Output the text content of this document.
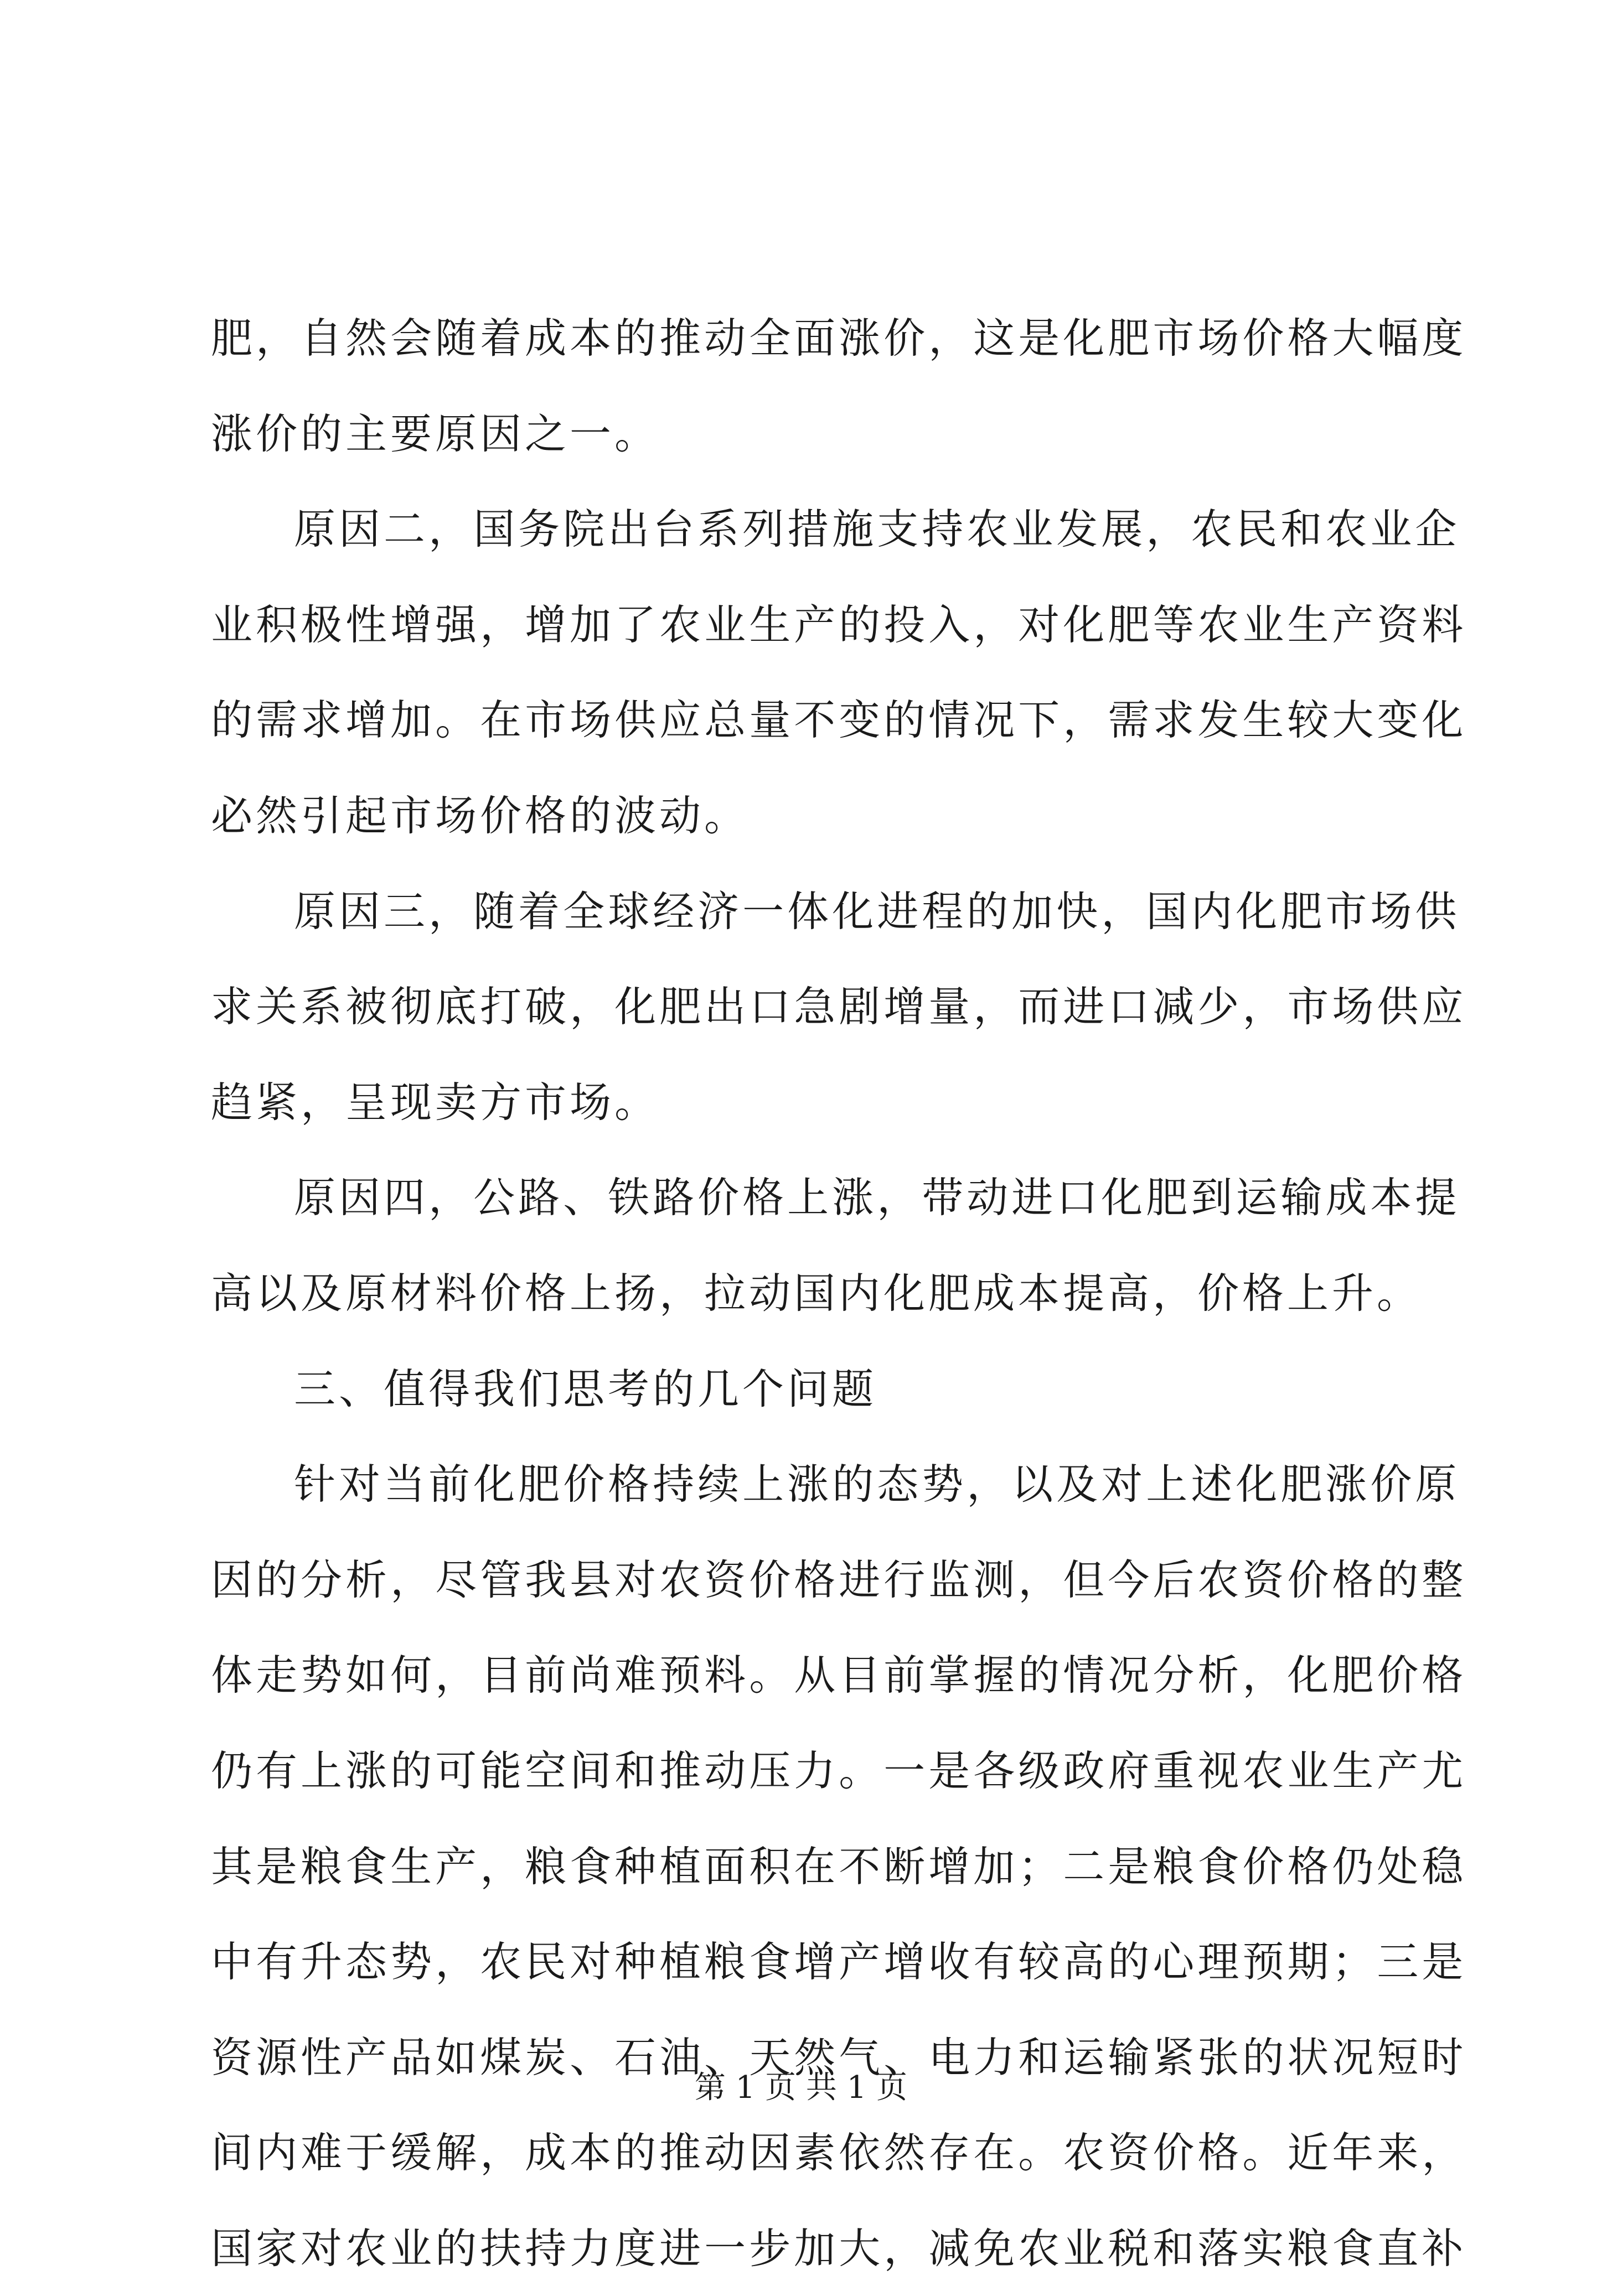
肥 ， 自 然 会 随 着 成 本 的 推 动 全 面 涨 价 ， 这 是 化 肥 市 场 价 格 大 幅 度
涨价的主要原因之一。
原 因 二 ， 国 务 院 出 台 系 列 措 施 支 持 农 业 发 展 ， 农 民 和 农 业 企
业 积 极 性 增 强 ， 增 加 了 农 业 生 产 的 投 入 ， 对 化 肥 等 农 业 生 产 资 料
的 需 求 增 加 。 在 市 场 供 应 总 量 不 变 的 情 况 下 ， 需 求 发 生 较 大 变 化
必然引起市场价格的波动。
原 因 三 ， 随 着 全 球 经 济 一 体 化 进 程 的 加 快 ， 国 内 化 肥 市 场 供
求 关 系 被 彻 底 打 破 ， 化 肥 出 口 急 剧 增 量 ， 而 进 口 减 少 ， 市 场 供 应
趋紧，呈现卖方市场。
原 因 四 ， 公 路 、 铁 路 价 格 上 涨 ， 带 动 进 口 化 肥 到 运 输 成 本 提
高以及原材料价格上扬，拉动国内化肥成本提高，价格上升。
三、值得我们思考的几个问题
针 对 当 前 化 肥 价 格 持 续 上 涨 的 态 势 ， 以 及 对 上 述 化 肥 涨 价 原
因 的 分 析 ， 尽 管 我 县 对 农 资 价 格 进 行 监 测 ， 但 今 后 农 资 价 格 的 整
体 走 势 如 何 ， 目 前 尚 难 预 料 。 从 目 前 掌 握 的 情 况 分 析 ， 化 肥 价 格
仍 有 上 涨 的 可 能 空 间 和 推 动 压 力 。 一 是 各 级 政 府 重 视 农 业 生 产 尤
其 是 粮 食 生 产 ， 粮 食 种 植 面 积 在 不 断 增 加 ； 二 是 粮 食 价 格 仍 处 稳
中 有 升 态 势 ， 农 民 对 种 植 粮 食 增 产 增 收 有 较 高 的 心 理 预 期 ； 三 是
资 源 性 产 品 如 煤 炭 、 石 油 、 天 然 气 、 电 力 和 运 输 紧 张 的 状 况 短 时
间 内 难 于 缓 解 ， 成 本 的 推 动 因 素 依 然 存 在 。 农 资 价 格 。 近 年 来 ，
国 家 对 农 业 的 扶 持 力 度 进 一 步 加 大 ， 减 免 农 业 税 和 落 实 粮 食 直 补
第 1 页 共 1 页
